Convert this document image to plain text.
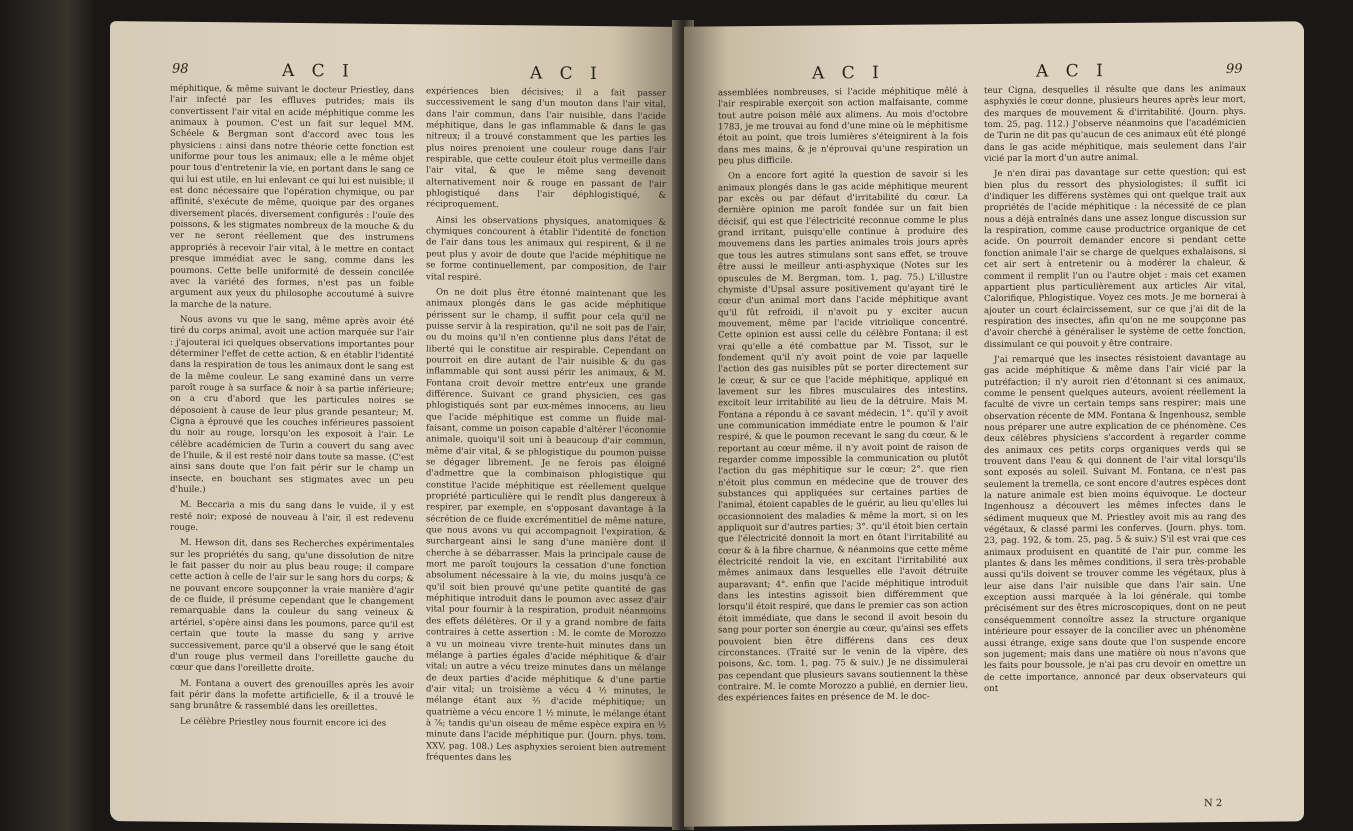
98	A C I	A C I

méphitique, & même suivant le docteur Priestley, dans l'air infecté par les effluves putrides; mais ils convertissent l'air vital en acide méphitique comme les animaux à poumon. C'est un fait sur lequel MM. Schéele & Bergman sont d'accord avec tous les physiciens : ainsi dans notre théorie cette fonction est uniforme pour tous les animaux; elle a le même objet pour tous d'entretenir la vie, en portant dans le sang ce qui lui est utile, en lui enlevant ce qui lui est nuisible; il est donc nécessaire que l'opération chymique, ou par affinité, s'exécute de même, quoique par des organes diversement placés, diversement configurés : l'ouïe des poissons, & les stigmates nombreux de la mouche & du ver ne seront réellement que des instrumens appropriés à recevoir l'air vital, à le mettre en contact presque immédiat avec le sang, comme dans les poumons. Cette belle uniformité de dessein concilée avec la variété des formes, n'est pas un foible argument aux yeux du philosophe accoutumé à suivre la marche de la nature.

Nous avons vu que le sang, même après avoir été tiré du corps animal, avoit une action marquée sur l'air : j'ajouterai ici quelques observations importantes pour déterminer l'effet de cette action, & en établir l'identité dans la respiration de tous les animaux dont le sang est de la même couleur. Le sang examiné dans un verre paroît rouge à sa surface & noir à sa partie inférieure; on a cru d'abord que les particules noires se déposoient à cause de leur plus grande pesanteur; M. Cigna a éprouvé que les couches inférieures passoient du noir au rouge, lorsqu'on les exposoit à l'air. Le célèbre académicien de Turin a couvert du sang avec de l'huile, & il est resté noir dans toute sa masse. (C'est ainsi sans doute que l'on fait périr sur le champ un insecte, en bouchant ses stigmates avec un peu d'huile.)

M. Beccaria a mis du sang dans le vuide, il y est resté noir; exposé de nouveau à l'air, il est redevenu rouge.

M. Hewson dit, dans ses Recherches expérimentales sur les propriétés du sang, qu'une dissolution de nitre le fait passer du noir au plus beau rouge; il compare cette action à celle de l'air sur le sang hors du corps; & ne pouvant encore soupçonner la vraie manière d'agir de ce fluide, il présume cependant que le changement remarquable dans la couleur du sang veineux & artériel, s'opère ainsi dans les poumons, parce qu'il est certain que toute la masse du sang y arrive successivement, parce qu'il a observé que le sang étoit d'un rouge plus vermeil dans l'oreillette gauche du cœur que dans l'oreillette droite.

M. Fontana a ouvert des grenouilles après les avoir fait périr dans la mofette artificielle, & il a trouvé le sang brunâtre & rassemblé dans les oreillettes.

Le célèbre Priestley nous fournit encore ici des

expériences bien décisives; il a fait passer successivement le sang d'un mouton dans l'air vital, dans l'air commun, dans l'air nuisible, dans l'acide méphitique, dans le gas inflammable & dans le gas nitreux; il a trouvé constamment que les parties les plus noires prenoient une couleur rouge dans l'air respirable, que cette couleur étoit plus vermeille dans l'air vital, & que le même sang devenoit alternativement noir & rouge en passant de l'air phlogistiqué dans l'air déphlogistiqué, & réciproquement.

Ainsi les observations physiques, anatomiques & chymiques concourent à établir l'identité de fonction de l'air dans tous les animaux qui respirent, & il ne peut plus y avoir de doute que l'acide méphitique ne se forme continuellement, par composition, de l'air vital respiré.

On ne doit plus être étonné maintenant que les animaux plongés dans le gas acide méphitique périssent sur le champ, il suffit pour cela qu'il ne puisse servir à la respiration, qu'il ne soit pas de l'air, ou du moins qu'il n'en contienne plus dans l'état de liberté qui le constitue air respirable. Cependant on pourroit en dire autant de l'air nuisible & du gas inflammable qui sont aussi périr les animaux, & M. Fontana croit devoir mettre entr'eux une grande différence. Suivant ce grand physicien, ces gas phlogistiqués sont par eux-mêmes innocens, au lieu que l'acide méphitique est comme un fluide mal-faisant, comme un poison capable d'altérer l'économie animale, quoiqu'il soit uni à beaucoup d'air commun, même d'air vital, & se phlogistique du poumon puisse se dégager librement. Je ne ferois pas éloigné d'admettre que la combinaison phlogistique qui constitue l'acide méphitique est réellement quelque propriété particulière qui le rendît plus dangereux à respirer, par exemple, en s'opposant davantage à la sécrétion de ce fluide excrémentitiel de même nature, que nous avons vu qui accompagnoit l'expiration, & surchargeant ainsi le sang d'une manière dont il cherche à se débarrasser. Mais la principale cause de mort me paroît toujours la cessation d'une fonction absolument nécessaire à la vie, du moins jusqu'à ce qu'il soit bien prouvé qu'une petite quantité de gas méphitique introduit dans le poumon avec assez d'air vital pour fournir à la respiration, produit néanmoins des effets délétères. Or il y a grand nombre de faits contraires à cette assertion : M. le comte de Morozzo a vu un moineau vivre trente-huit minutes dans un mélange à parties égales d'acide méphitique & d'air vital; un autre a vécu treize minutes dans un mélange de deux parties d'acide méphitique & d'une partie d'air vital; un troisième a vécu 4 ½ minutes, le mélange étant aux ⅔ d'acide méphitique; un quatrième a vécu encore 1 ½ minute, le mélange étant à ⅞; tandis qu'un oiseau de même espèce expira en ½ minute dans l'acide méphitique pur. (Journ. phys. tom. XXV, pag. 108.) Les asphyxies seroient bien autrement fréquentes dans les

A C I	A C I	99

assemblées nombreuses, si l'acide méphitique mêlé à l'air respirable exerçoit son action malfaisante, comme tout autre poison mêlé aux alimens. Au mois d'octobre 1783, je me trouvai au fond d'une mine où le méphitisme étoit au point, que trois lumières s'éteignirent à la fois dans mes mains, & je n'éprouvai qu'une respiration un peu plus difficile.

On a encore fort agité la question de savoir si les animaux plongés dans le gas acide méphitique meurent par excès ou par défaut d'irritabilité du cœur. La dernière opinion me paroît fondée sur un fait bien décisif, qui est que l'électricité reconnue comme le plus grand irritant, puisqu'elle continue à produire des mouvemens dans les parties animales trois jours après que tous les autres stimulans sont sans effet, se trouve être aussi le meilleur anti-asphyxique (Notes sur les opuscules de M. Bergman, tom. 1, pag. 75.) L'illustre chymiste d'Upsal assure positivement qu'ayant tiré le cœur d'un animal mort dans l'acide méphitique avant qu'il fût refroidi, il n'avoit pu y exciter aucun mouvement, même par l'acide vitriolique concentré. Cette opinion est aussi celle du célèbre Fontana; il est vrai qu'elle a été combattue par M. Tissot, sur le fondement qu'il n'y avoit point de voie par laquelle l'action des gas nuisibles pût se porter directement sur le cœur, & sur ce que l'acide méphitique, appliqué en lavement sur les fibres musculaires des intestins, excitoit leur irritabilité au lieu de la détruire. Mais M. Fontana a répondu à ce savant médecin, 1°. qu'il y avoit une communication immédiate entre le poumon & l'air respiré, & que le poumon recevant le sang du cœur, & le reportant au cœur même, il n'y avoit point de raison de regarder comme impossible la communication ou plutôt l'action du gas méphitique sur le cœur; 2°. que rien n'étoit plus commun en médecine que de trouver des substances qui appliquées sur certaines parties de l'animal, étoient capables de le guérir, au lieu qu'elles lui occasionnoient des maladies & même la mort, si on les appliquoit sur d'autres parties; 3°. qu'il étoit bien certain que l'électricité donnoit la mort en ôtant l'irritabilité au cœur & à la fibre charnue, & néanmoins que cette même électricité rendoit la vie, en excitant l'irritabilité aux mêmes animaux dans lesquelles elle l'avoit détruite auparavant; 4°. enfin que l'acide méphitique introduit dans les intestins agissoit bien différemment que lorsqu'il étoit respiré, que dans le premier cas son action étoit immédiate, que dans le second il avoit besoin du sang pour porter son énergie au cœur, qu'ainsi ses effets pouvoient bien être différens dans ces deux circonstances. (Traité sur le venin de la vipère, des poisons, &c. tom. 1, pag. 75 & suiv.) Je ne dissimulerai pas cependant que plusieurs savans soutiennent la thèse contraire. M. le comte Morozzo a publié, en dernier lieu, des expériences faites en présence de M. le doc-

teur Cigna, desquelles il résulte que dans les animaux asphyxiés le cœur donne, plusieurs heures après leur mort, des marques de mouvement & d'irritabilité. (Journ. phys. tom. 25, pag. 112.) J'observe néanmoins que l'académicien de Turin ne dit pas qu'aucun de ces animaux eût été plongé dans le gas acide méphitique, mais seulement dans l'air vicié par la mort d'un autre animal.

Je n'en dirai pas davantage sur cette question; qui est bien plus du ressort des physiologistes; il suffit ici d'indiquer les différens systèmes qui ont quelque trait aux propriétés de l'acide méphitique : la nécessité de ce plan nous a déjà entraînés dans une assez longue discussion sur la respiration, comme cause productrice organique de cet acide. On pourroit demander encore si pendant cette fonction animale l'air se charge de quelques exhalaisons, si cet air sert à entretenir ou à modérer la chaleur, & comment il remplit l'un ou l'autre objet : mais cet examen appartient plus particulièrement aux articles Air vital, Calorifique, Phlogistique. Voyez ces mots. Je me bornerai à ajouter un court éclaircissement, sur ce que j'ai dit de la respiration des insectes, afin qu'on ne me soupçonne pas d'avoir cherché à généraliser le système de cette fonction, dissimulant ce qui pouvoit y être contraire.

J'ai remarqué que les insectes résistoient davantage au gas acide méphitique & même dans l'air vicié par la putréfaction; il n'y auroit rien d'étonnant si ces animaux, comme le pensent quelques auteurs, avoient réellement la faculté de vivre un certain temps sans respirer; mais une observation récente de MM. Fontana & Ingenhousz, semble nous préparer une autre explication de ce phénomène. Ces deux célèbres physiciens s'accordent à regarder comme des animaux ces petits corps organiques verds qui se trouvent dans l'eau & qui donnent de l'air vital lorsqu'ils sont exposés au soleil. Suivant M. Fontana, ce n'est pas seulement la tremella, ce sont encore d'autres espèces dont la nature animale est bien moins équivoque. Le docteur Ingenhousz a découvert les mêmes infectes dans le sédiment muqueux que M. Priestley avoit mis au rang des végétaux, & classé parmi les conferves. (Journ. phys. tom. 23, pag. 192, & tom. 25, pag. 5 & suiv.) S'il est vrai que ces animaux produisent en quantité de l'air pur, comme les plantes & dans les mêmes conditions, il sera très-probable aussi qu'ils doivent se trouver comme les végétaux, plus à leur aise dans l'air nuisible que dans l'air sain. Une exception aussi marquée à la loi générale, qui tombe précisément sur des êtres microscopiques, dont on ne peut conséquemment connoître assez la structure organique intérieure pour essayer de la concilier avec un phénomène aussi étrange, exige sans doute que l'on suspende encore son jugement; mais dans une matière où nous n'avons que les faits pour boussole, je n'ai pas cru devoir en omettre un de cette importance, annoncé par deux observateurs qui ont

N 2
